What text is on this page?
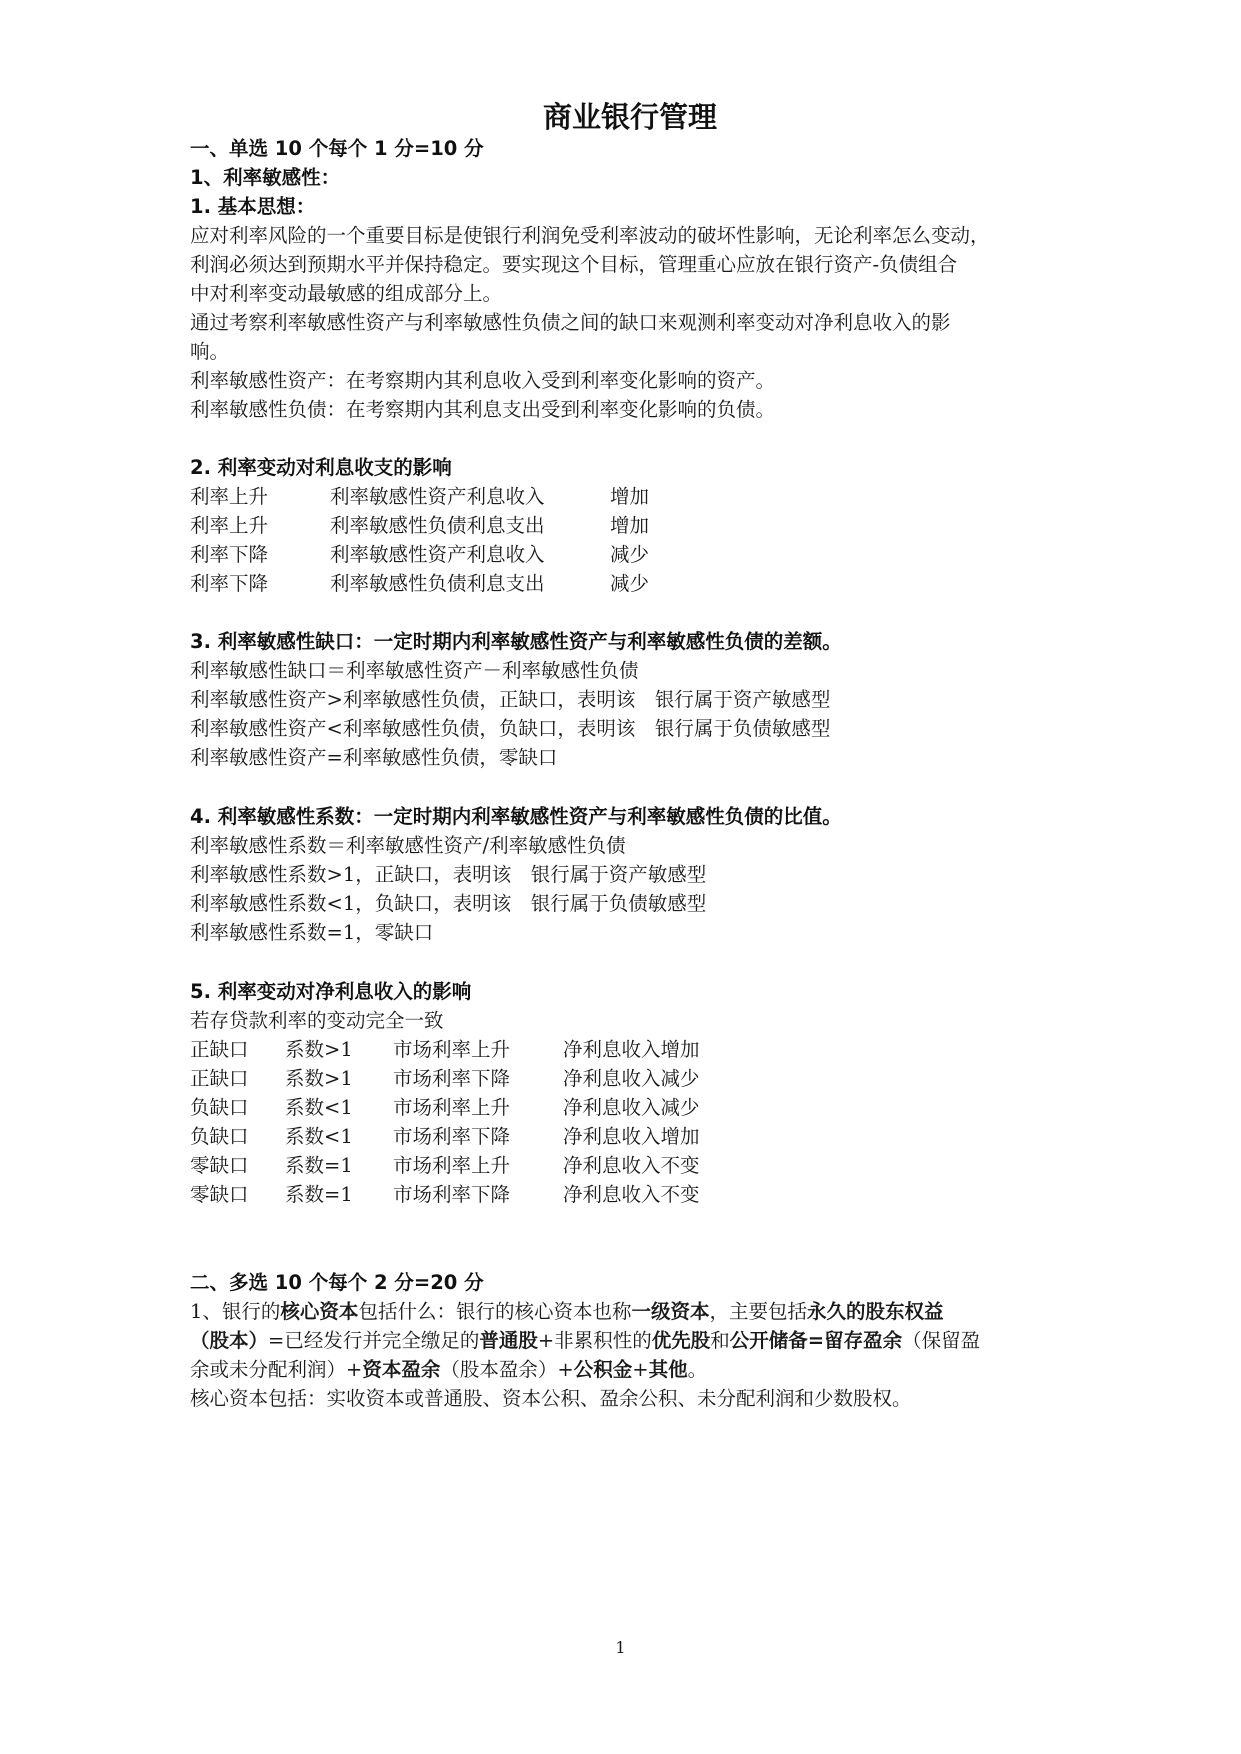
商业银行管理
一、单选 10 个每个 1 分=10 分
1、利率敏感性：
1. 基本思想：
应对利率风险的一个重要目标是使银行利润免受利率波动的破坏性影响，无论利率怎么变动，
利润必须达到预期水平并保持稳定。要实现这个目标，管理重心应放在银行资产-负债组合
中对利率变动最敏感的组成部分上。
通过考察利率敏感性资产与利率敏感性负债之间的缺口来观测利率变动对净利息收入的影
响。
利率敏感性资产：在考察期内其利息收入受到利率变化影响的资产。
利率敏感性负债：在考察期内其利息支出受到利率变化影响的负债。
2. 利率变动对利息收支的影响
利率上升	利率敏感性资产利息收入	增加
利率上升	利率敏感性负债利息支出	增加
利率下降	利率敏感性资产利息收入	减少
利率下降	利率敏感性负债利息支出	减少
3. 利率敏感性缺口：一定时期内利率敏感性资产与利率敏感性负债的差额。
利率敏感性缺口＝利率敏感性资产－利率敏感性负债
利率敏感性资产>利率敏感性负债，正缺口，表明该　银行属于资产敏感型
利率敏感性资产<利率敏感性负债，负缺口，表明该　银行属于负债敏感型
利率敏感性资产=利率敏感性负债，零缺口
4. 利率敏感性系数：一定时期内利率敏感性资产与利率敏感性负债的比值。
利率敏感性系数＝利率敏感性资产/利率敏感性负债
利率敏感性系数>1，正缺口，表明该　银行属于资产敏感型
利率敏感性系数<1，负缺口，表明该　银行属于负债敏感型
利率敏感性系数=1，零缺口
5. 利率变动对净利息收入的影响
若存贷款利率的变动完全一致
正缺口 系数>1 市场利率上升	净利息收入增加
正缺口 系数>1 市场利率下降	净利息收入减少
负缺口 系数<1 市场利率上升	净利息收入减少
负缺口 系数<1 市场利率下降	净利息收入增加
零缺口 系数=1 市场利率上升	净利息收入不变
零缺口 系数=1 市场利率下降	净利息收入不变
二、多选 10 个每个 2 分=20 分
1、银行的核心资本包括什么：银行的核心资本也称一级资本，主要包括永久的股东权益
（股本）=已经发行并完全缴足的普通股+非累积性的优先股和公开储备=留存盈余（保留盈
余或未分配利润）+资本盈余（股本盈余）+公积金+其他。
核心资本包括：实收资本或普通股、资本公积、盈余公积、未分配利润和少数股权。
1
